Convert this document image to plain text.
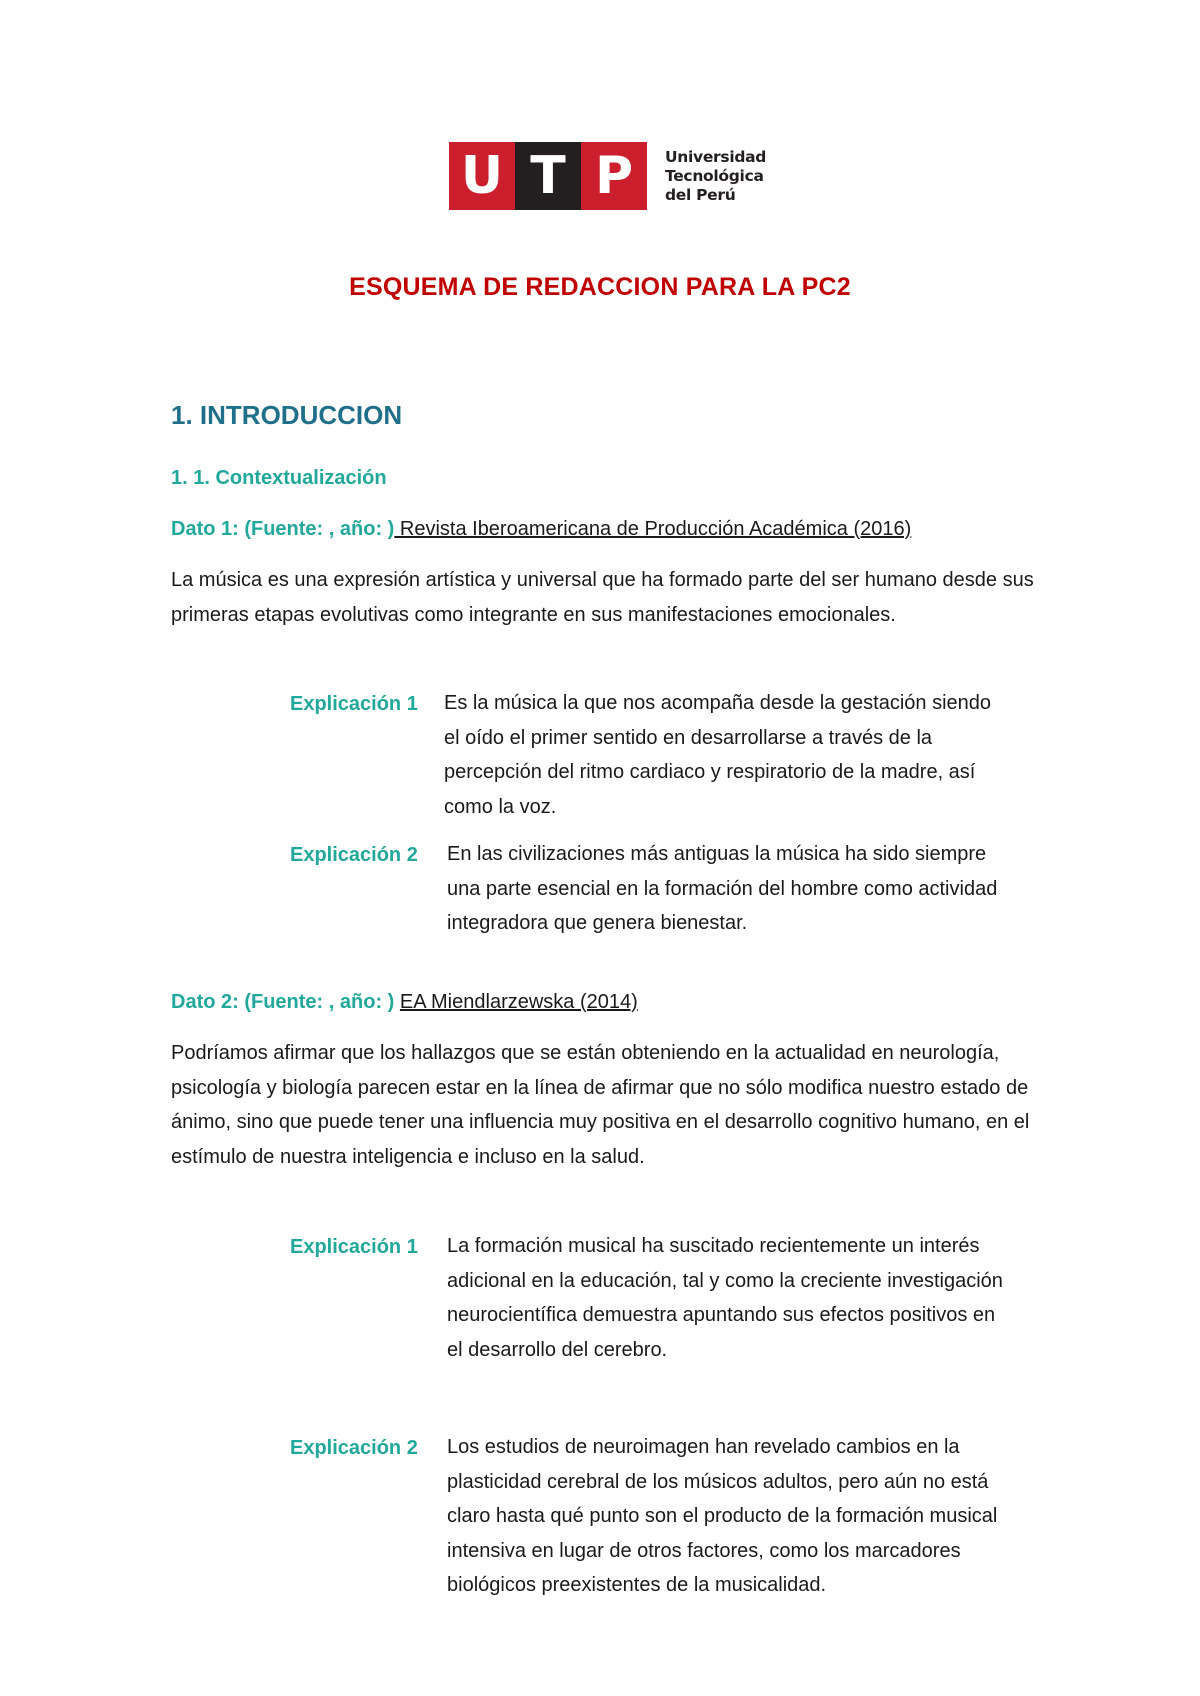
U T P	Universidad
Tecnológica
del Perú
ESQUEMA DE REDACCION PARA LA PC2
1. INTRODUCCION
1. 1. Contextualización
Dato 1: (Fuente: , año: ) Revista Iberoamericana de Producción Académica (2016)
La música es una expresión artística y universal que ha formado parte del ser humano desde sus primeras etapas evolutivas como integrante en sus manifestaciones emocionales.
Explicación 1 Es la música la que nos acompaña desde la gestación siendo el oído el primer sentido en desarrollarse a través de la percepción del ritmo cardiaco y respiratorio de la madre, así como la voz.
Explicación 2 En las civilizaciones más antiguas la música ha sido siempre una parte esencial en la formación del hombre como actividad integradora que genera bienestar.
Dato 2: (Fuente: , año: ) EA Miendlarzewska (2014)
Podríamos afirmar que los hallazgos que se están obteniendo en la actualidad en neurología, psicología y biología parecen estar en la línea de afirmar que no sólo modifica nuestro estado de ánimo, sino que puede tener una influencia muy positiva en el desarrollo cognitivo humano, en el estímulo de nuestra inteligencia e incluso en la salud.
Explicación 1 La formación musical ha suscitado recientemente un interés adicional en la educación, tal y como la creciente investigación neurocientífica demuestra apuntando sus efectos positivos en el desarrollo del cerebro.
Explicación 2 Los estudios de neuroimagen han revelado cambios en la plasticidad cerebral de los músicos adultos, pero aún no está claro hasta qué punto son el producto de la formación musical intensiva en lugar de otros factores, como los marcadores biológicos preexistentes de la musicalidad.
